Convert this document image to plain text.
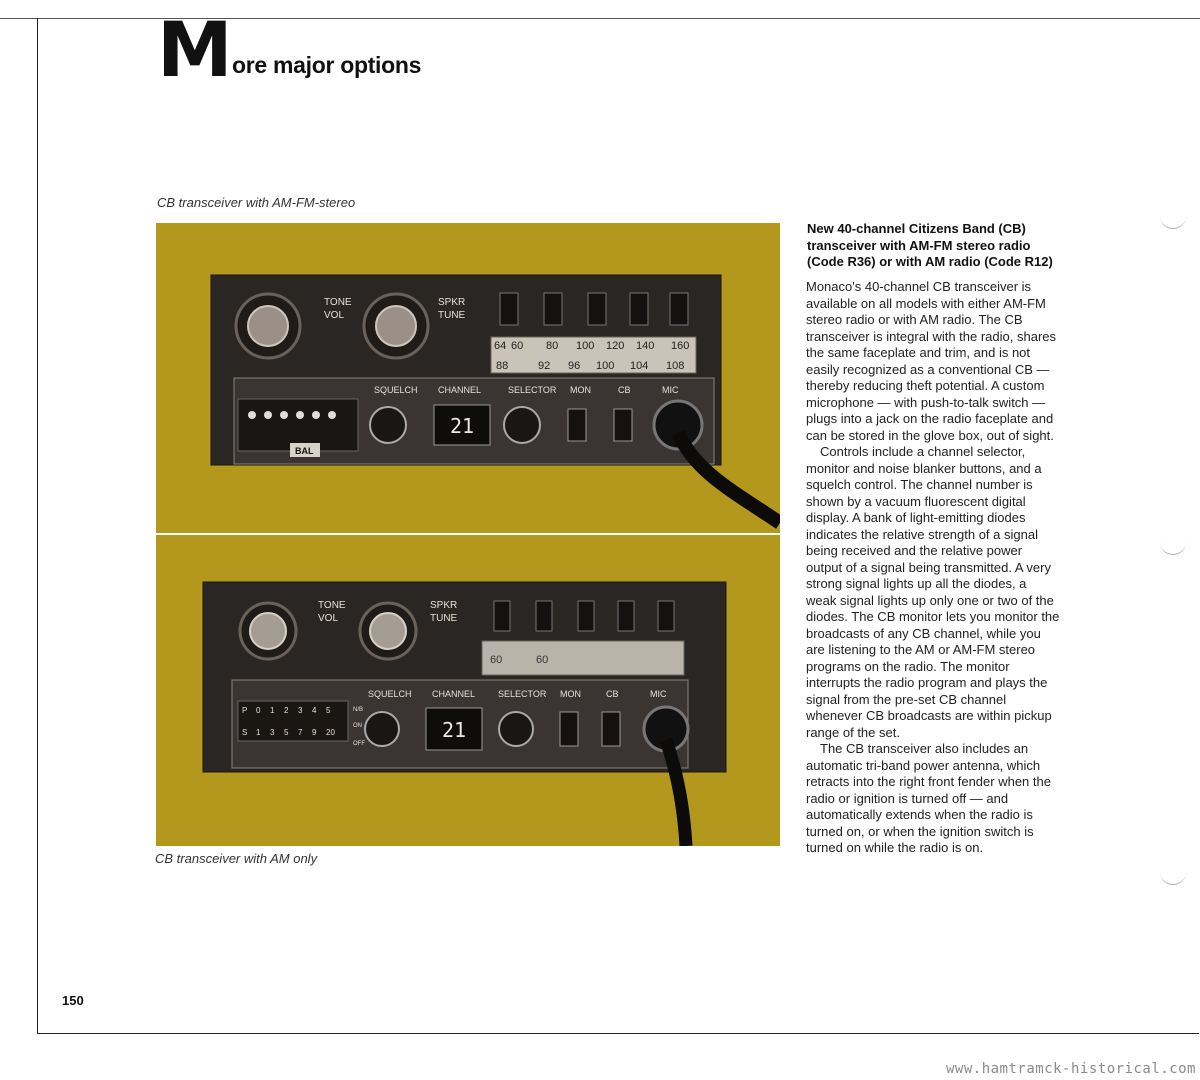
M ore major options
CB transceiver with AM-FM-stereo
TONE
VOL
SPKR
TUNE
64 60 80 100 120 140 160
88	92 96 100 104 108
BAL
SQUELCH CHANNEL	SELECTOR MON	CB	MIC
21
TONE
VOL
SPKR
TUNE
60	60
P 0 1 2 3 4 5
S 1 3 5 7 9 20
N/B
ON
OFF
SQUELCH CHANNEL	SELECTOR MON	CB	MIC
21
CB transceiver with AM only
New 40-channel Citizens Band (CB)
transceiver with AM-FM stereo radio
(Code R36) or with AM radio (Code R12)
Monaco's 40-channel CB transceiver is
available on all models with either AM-FM
stereo radio or with AM radio. The CB
transceiver is integral with the radio, shares
the same faceplate and trim, and is not
easily recognized as a conventional CB —
thereby reducing theft potential. A custom
microphone — with push-to-talk switch —
plugs into a jack on the radio faceplate and
can be stored in the glove box, out of sight.
Controls include a channel selector,
monitor and noise blanker buttons, and a
squelch control. The channel number is
shown by a vacuum fluorescent digital
display. A bank of light-emitting diodes
indicates the relative strength of a signal
being received and the relative power
output of a signal being transmitted. A very
strong signal lights up all the diodes, a
weak signal lights up only one or two of the
diodes. The CB monitor lets you monitor the
broadcasts of any CB channel, while you
are listening to the AM or AM-FM stereo
programs on the radio. The monitor
interrupts the radio program and plays the
signal from the pre-set CB channel
whenever CB broadcasts are within pickup
range of the set.
The CB transceiver also includes an
automatic tri-band power antenna, which
retracts into the right front fender when the
radio or ignition is turned off — and
automatically extends when the radio is
turned on, or when the ignition switch is
turned on while the radio is on.
150
www.hamtramck-historical.com
